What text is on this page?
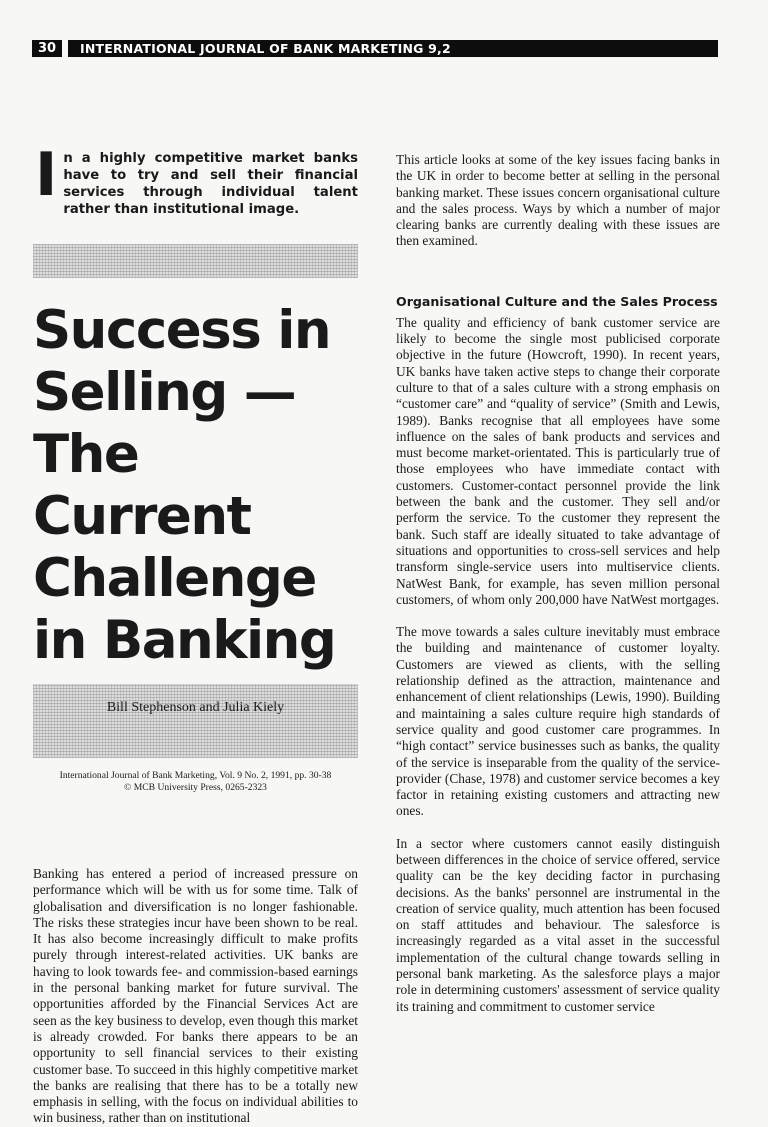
30	INTERNATIONAL JOURNAL OF BANK MARKETING 9,2

In a highly competitive market banks have to try and sell their financial services through individual talent rather than institutional image.

Success in
Selling —
The Current
Challenge
in Banking
Bill Stephenson and Julia Kiely
International Journal of Bank Marketing, Vol. 9 No. 2, 1991, pp. 30-38
© MCB University Press, 0265-2323

Banking has entered a period of increased pressure on performance which will be with us for some time. Talk of globalisation and diversification is no longer fashionable. The risks these strategies incur have been shown to be real. It has also become increasingly difficult to make profits purely through interest-related activities. UK banks are having to look towards fee- and commission-based earnings in the personal banking market for future survival. The opportunities afforded by the Financial Services Act are seen as the key business to develop, even though this market is already crowded. For banks there appears to be an opportunity to sell financial services to their existing customer base. To succeed in this highly competitive market the banks are realising that there has to be a totally new emphasis in selling, with the focus on individual abilities to win business, rather than on institutional

This article looks at some of the key issues facing banks in the UK in order to become better at selling in the personal banking market. These issues concern organisational culture and the sales process. Ways by which a number of major clearing banks are currently dealing with these issues are then examined.

Organisational Culture and the Sales Process

The quality and efficiency of bank customer service are likely to become the single most publicised corporate objective in the future (Howcroft, 1990). In recent years, UK banks have taken active steps to change their corporate culture to that of a sales culture with a strong emphasis on “customer care” and “quality of service” (Smith and Lewis, 1989). Banks recognise that all employees have some influence on the sales of bank products and services and must become market-orientated. This is particularly true of those employees who have immediate contact with customers. Customer-contact personnel provide the link between the bank and the customer. They sell and/or perform the service. To the customer they represent the bank. Such staff are ideally situated to take advantage of situations and opportunities to cross-sell services and help transform single-service users into multiservice clients. NatWest Bank, for example, has seven million personal customers, of whom only 200,000 have NatWest mortgages.

The move towards a sales culture inevitably must embrace the building and maintenance of customer loyalty. Customers are viewed as clients, with the selling relationship defined as the attraction, maintenance and enhancement of client relationships (Lewis, 1990). Building and maintaining a sales culture require high standards of service quality and good customer care programmes. In “high contact” service businesses such as banks, the quality of the service is inseparable from the quality of the service-provider (Chase, 1978) and customer service becomes a key factor in retaining existing customers and attracting new ones.

In a sector where customers cannot easily distinguish between differences in the choice of service offered, service quality can be the key deciding factor in purchasing decisions. As the banks' personnel are instrumental in the creation of service quality, much attention has been focused on staff attitudes and behaviour. The salesforce is increasingly regarded as a vital asset in the successful implementation of the cultural change towards selling in personal bank marketing. As the salesforce plays a major role in determining customers' assessment of service quality its training and commitment to customer service
